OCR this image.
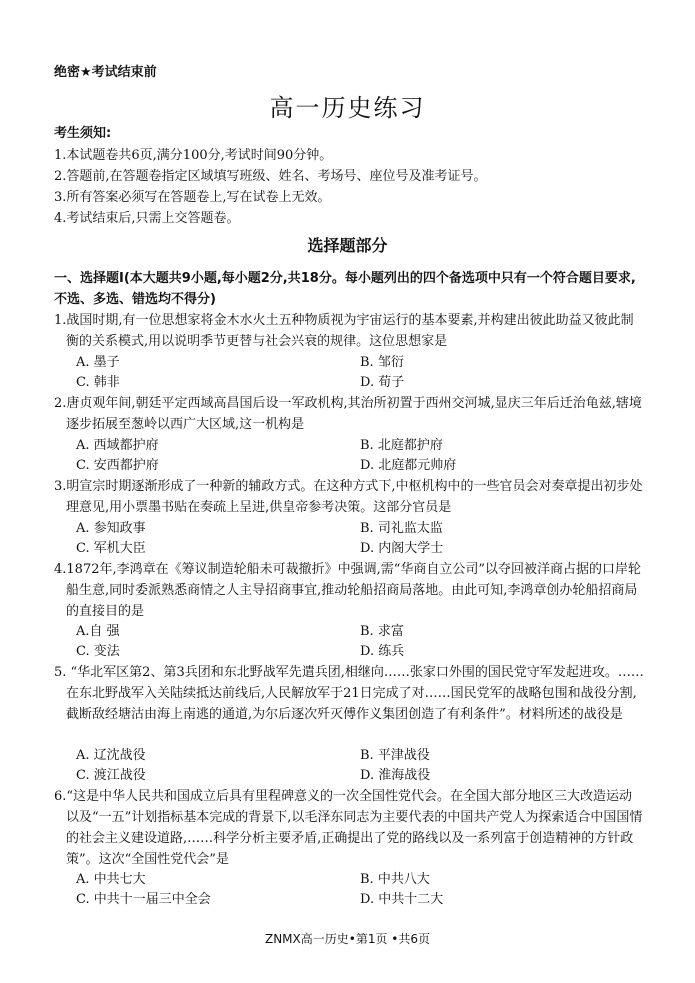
绝密★考试结束前
高一历史练习
考生须知:
1.本试题卷共6页,满分100分,考试时间90分钟。
2.答题前,在答题卷指定区域填写班级、姓名、考场号、座位号及准考证号。
3.所有答案必须写在答题卷上,写在试卷上无效。
4.考试结束后,只需上交答题卷。
选择题部分
一、选择题Ⅰ(本大题共9小题,每小题2分,共18分。每小题列出的四个备选项中只有一个符合题目要求,不选、多选、错选均不得分)
1.战国时期,有一位思想家将金木水火土五种物质视为宇宙运行的基本要素,并构建出彼此助益又彼此制衡的关系模式,用以说明季节更替与社会兴衰的规律。这位思想家是
A. 墨子	B. 邹衍
C. 韩非	D. 荀子
2.唐贞观年间,朝廷平定西域高昌国后设一军政机构,其治所初置于西州交河城,显庆三年后迁治龟兹,辖境逐步拓展至葱岭以西广大区域,这一机构是
A. 西域都护府	B. 北庭都护府
C. 安西都护府	D. 北庭都元帅府
3.明宣宗时期逐渐形成了一种新的辅政方式。在这种方式下,中枢机构中的一些官员会对奏章提出初步处理意见,用小票墨书贴在奏疏上呈进,供皇帝参考决策。这部分官员是
A. 参知政事	B. 司礼监太监
C. 军机大臣	D. 内阁大学士
4.1872年,李鸿章在《筹议制造轮船未可裁撤折》中强调,需“华商自立公司”以夺回被洋商占据的口岸轮船生意,同时委派熟悉商情之人主导招商事宜,推动轮船招商局落地。由此可知,李鸿章创办轮船招商局的直接目的是
A.自 强	B. 求富
C. 变法	D. 练兵
5. “华北军区第2、第3兵团和东北野战军先遣兵团,相继向……张家口外围的国民党守军发起进攻。……在东北野战军入关陆续抵达前线后,人民解放军于21日完成了对……国民党军的战略包围和战役分割,截断敌经塘沽由海上南逃的通道,为尔后逐次歼灭傅作义集团创造了有利条件”。材料所述的战役是
A. 辽沈战役	B. 平津战役
C. 渡江战役	D. 淮海战役
6.“这是中华人民共和国成立后具有里程碑意义的一次全国性党代会。在全国大部分地区三大改造运动以及“一五”计划指标基本完成的背景下,以毛泽东同志为主要代表的中国共产党人为探索适合中国国情的社会主义建设道路,……科学分析主要矛盾,正确提出了党的路线以及一系列富于创造精神的方针政策”。这次“全国性党代会”是
A. 中共七大	B. 中共八大
C. 中共十一届三中全会	D. 中共十二大
ZNMX高一历史•第1页 •共6页
